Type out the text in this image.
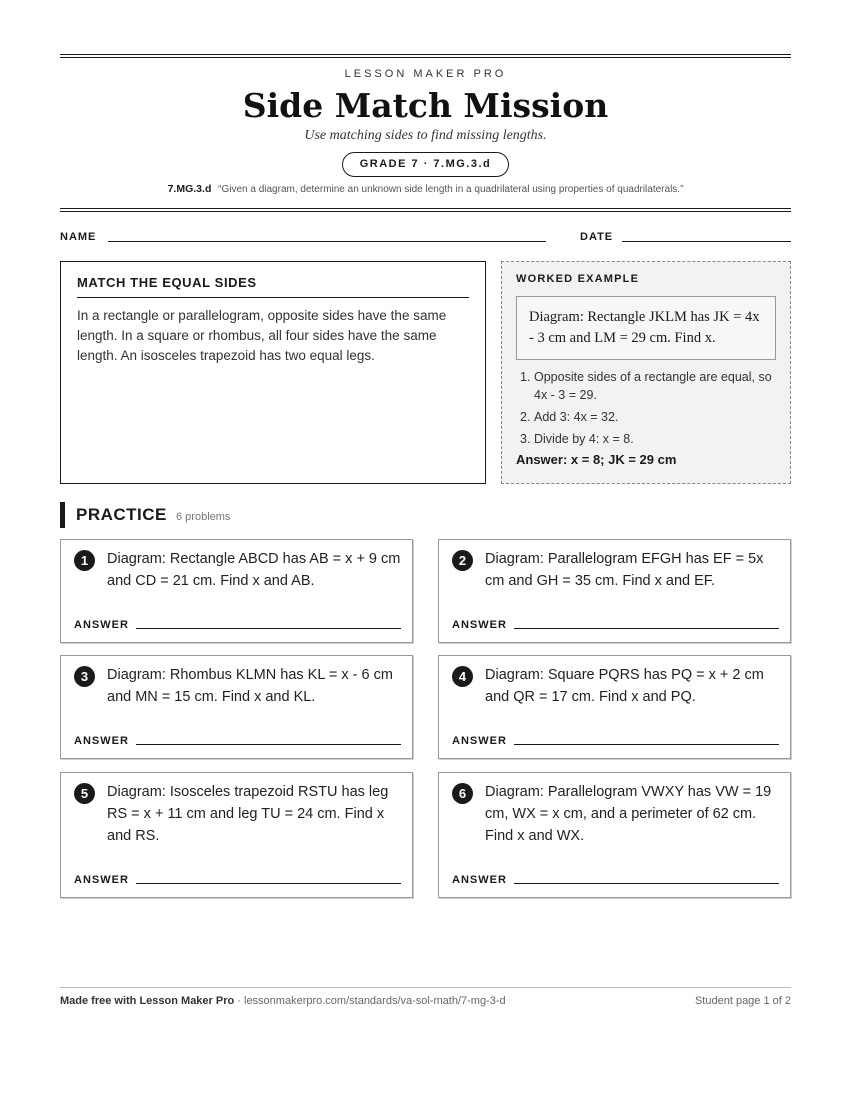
LESSON MAKER PRO
Side Match Mission
Use matching sides to find missing lengths.
GRADE 7 · 7.MG.3.d
7.MG.3.d “Given a diagram, determine an unknown side length in a quadrilateral using properties of quadrilaterals.”
NAME	DATE
MATCH THE EQUAL SIDES

In a rectangle or parallelogram, opposite sides have the same length. In a square or rhombus, all four sides have the same length. An isosceles trapezoid has two equal legs.

WORKED EXAMPLE
Diagram: Rectangle JKLM has JK = 4x - 3 cm and LM = 29 cm. Find x.
1. Opposite sides of a rectangle are equal, so 4x - 3 = 29.
2. Add 3: 4x = 32.
3. Divide by 4: x = 8.
Answer: x = 8; JK = 29 cm
PRACTICE 6 problems
1	Diagram: Rectangle ABCD has AB = x + 9 cm and CD = 21 cm. Find x and AB.
ANSWER
2	Diagram: Parallelogram EFGH has EF = 5x cm and GH = 35 cm. Find x and EF.
ANSWER
3	Diagram: Rhombus KLMN has KL = x - 6 cm and MN = 15 cm. Find x and KL.
ANSWER
4	Diagram: Square PQRS has PQ = x + 2 cm and QR = 17 cm. Find x and PQ.
ANSWER
5	Diagram: Isosceles trapezoid RSTU has leg RS = x + 11 cm and leg TU = 24 cm. Find x and RS.
ANSWER
6	Diagram: Parallelogram VWXY has VW = 19 cm, WX = x cm, and a perimeter of 62 cm. Find x and WX.
ANSWER
Made free with Lesson Maker Pro · lessonmakerpro.com/standards/va-sol-math/7-mg-3-d	Student page 1 of 2
